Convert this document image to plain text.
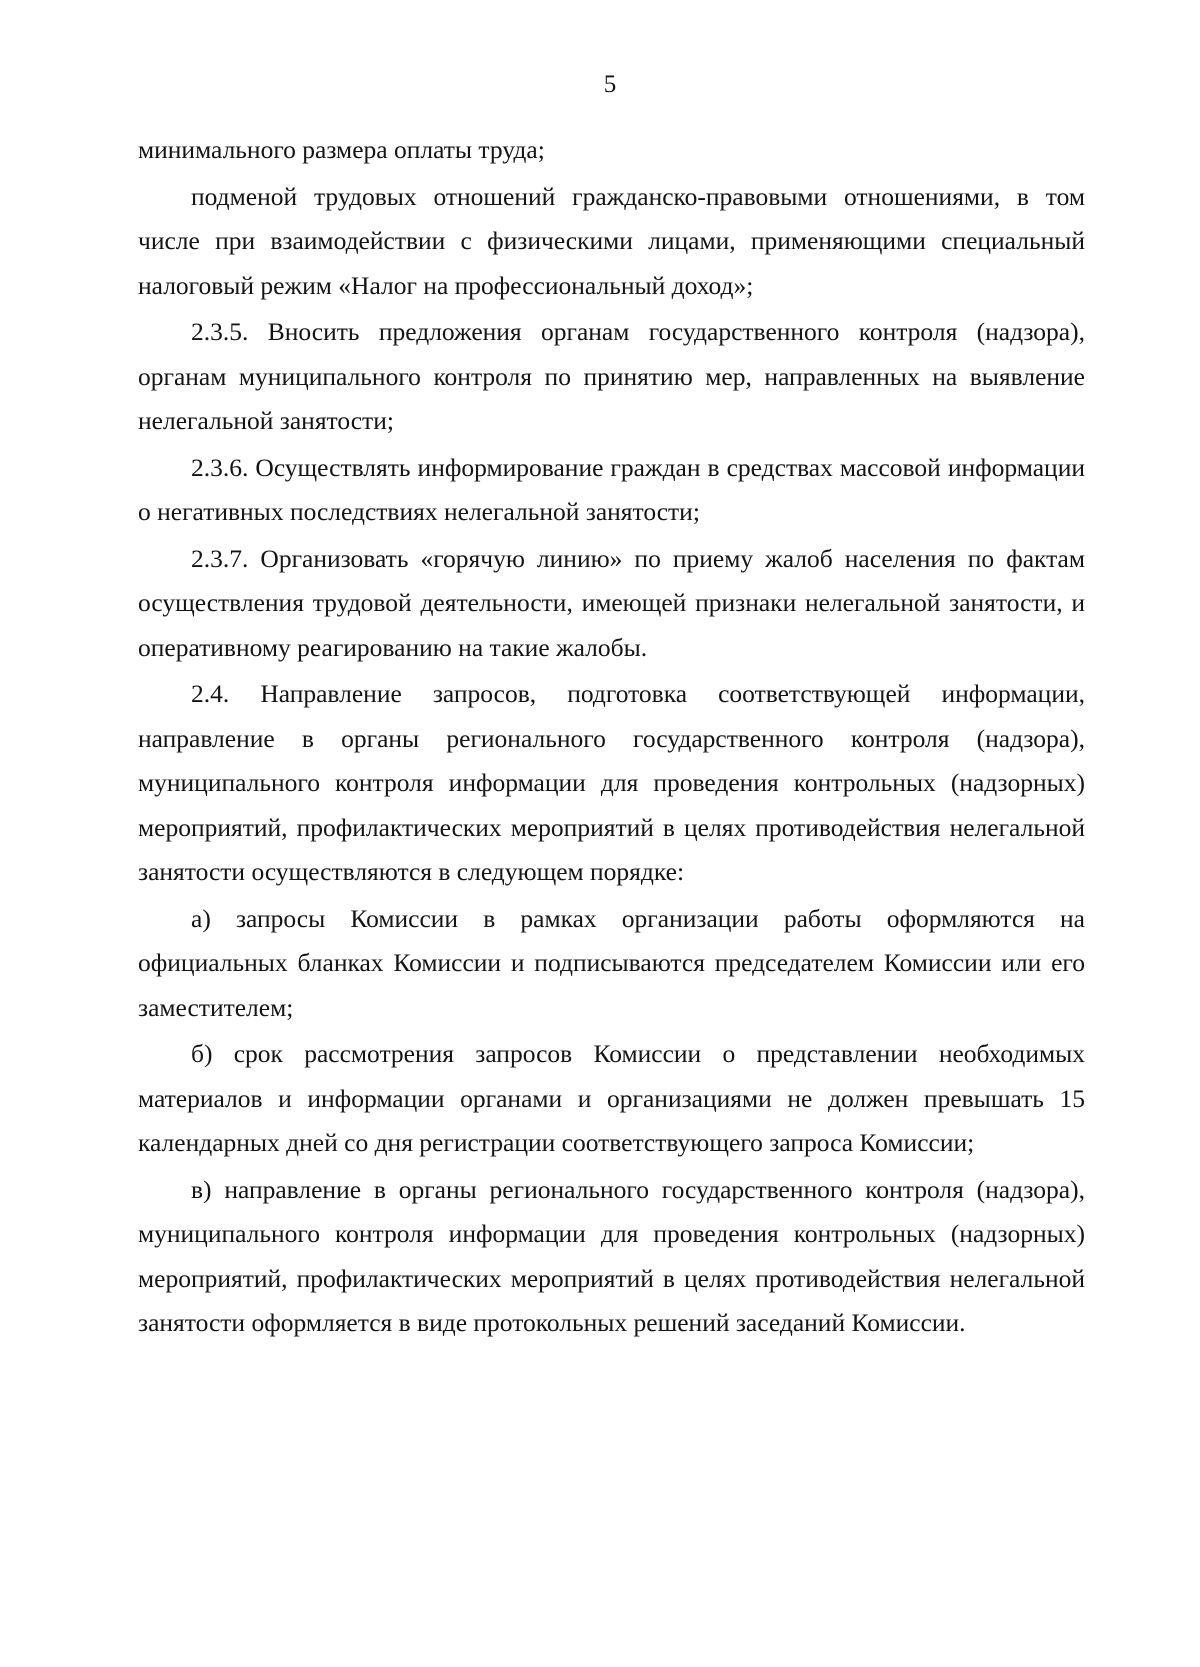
5

минимального размера оплаты труда;

подменой трудовых отношений гражданско-правовыми отношениями, в том числе при взаимодействии с физическими лицами, применяющими специальный налоговый режим «Налог на профессиональный доход»;

2.3.5. Вносить предложения органам государственного контроля (надзора), органам муниципального контроля по принятию мер, направленных на выявление нелегальной занятости;

2.3.6. Осуществлять информирование граждан в средствах массовой информации о негативных последствиях нелегальной занятости;

2.3.7. Организовать «горячую линию» по приему жалоб населения по фактам осуществления трудовой деятельности, имеющей признаки нелегальной занятости, и оперативному реагированию на такие жалобы.

2.4. Направление запросов, подготовка соответствующей информации, направление в органы регионального государственного контроля (надзора), муниципального контроля информации для проведения контрольных (надзорных) мероприятий, профилактических мероприятий в целях противодействия нелегальной занятости осуществляются в следующем порядке:

а) запросы Комиссии в рамках организации работы оформляются на официальных бланках Комиссии и подписываются председателем Комиссии или его заместителем;

б) срок рассмотрения запросов Комиссии о представлении необходимых материалов и информации органами и организациями не должен превышать 15 календарных дней со дня регистрации соответствующего запроса Комиссии;

в) направление в органы регионального государственного контроля (надзора), муниципального контроля информации для проведения контрольных (надзорных) мероприятий, профилактических мероприятий в целях противодействия нелегальной занятости оформляется в виде протокольных решений заседаний Комиссии.
